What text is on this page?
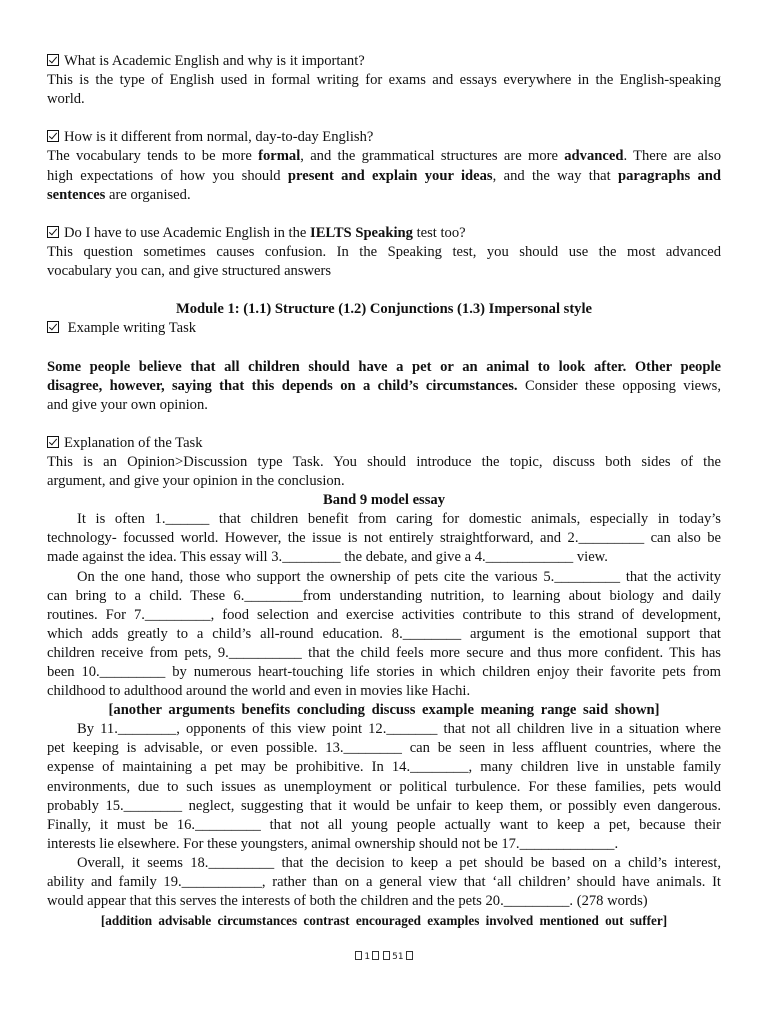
What is Academic English and why is it important?
This is the type of English used in formal writing for exams and essays everywhere in the English-speaking
world.
How is it different from normal, day-to-day English?
The vocabulary tends to be more formal, and the grammatical structures are more advanced. There are also
high expectations of how you should present and explain your ideas, and the way that paragraphs and
sentences are organised.
Do I have to use Academic English in the IELTS Speaking test too?
This question sometimes causes confusion. In the Speaking test, you should use the most advanced
vocabulary you can, and give structured answers
Module 1: (1.1) Structure (1.2) Conjunctions (1.3) Impersonal style
Example writing Task
Some people believe that all children should have a pet or an animal to look after. Other people
disagree, however, saying that this depends on a child’s circumstances. Consider these opposing views,
and give your own opinion.
Explanation of the Task
This is an Opinion>Discussion type Task. You should introduce the topic, discuss both sides of the
argument, and give your opinion in the conclusion.
Band 9 model essay
It is often 1.______ that children benefit from caring for domestic animals, especially in today’s
technology- focussed world. However, the issue is not entirely straightforward, and 2._________ can also be
made against the idea. This essay will 3.________ the debate, and give a 4.____________ view.
On the one hand, those who support the ownership of pets cite the various 5._________ that the activity
can bring to a child. These 6.________from understanding nutrition, to learning about biology and daily
routines. For 7._________, food selection and exercise activities contribute to this strand of development,
which adds greatly to a child’s all-round education. 8.________ argument is the emotional support that
children receive from pets, 9.__________ that the child feels more secure and thus more confident. This has
been 10._________ by numerous heart-touching life stories in which children enjoy their favorite pets from
childhood to adulthood around the world and even in movies like Hachi.
[another arguments benefits concluding discuss example meaning range said shown]
By 11.________, opponents of this view point 12._______ that not all children live in a situation where
pet keeping is advisable, or even possible. 13.________ can be seen in less affluent countries, where the
expense of maintaining a pet may be prohibitive. In 14.________, many children live in unstable family
environments, due to such issues as unemployment or political turbulence. For these families, pets would
probably 15.________ neglect, suggesting that it would be unfair to keep them, or possibly even dangerous.
Finally, it must be 16._________ that not all young people actually want to keep a pet, because their
interests lie elsewhere. For these youngsters, animal ownership should not be 17._____________.
Overall, it seems 18._________ that the decision to keep a pet should be based on a child’s interest,
ability and family 19.___________, rather than on a general view that ‘all children’ should have animals. It
would appear that this serves the interests of both the children and the pets 20._________. (278 words)
[addition advisable circumstances contrast encouraged examples involved mentioned out suffer]
1 51
